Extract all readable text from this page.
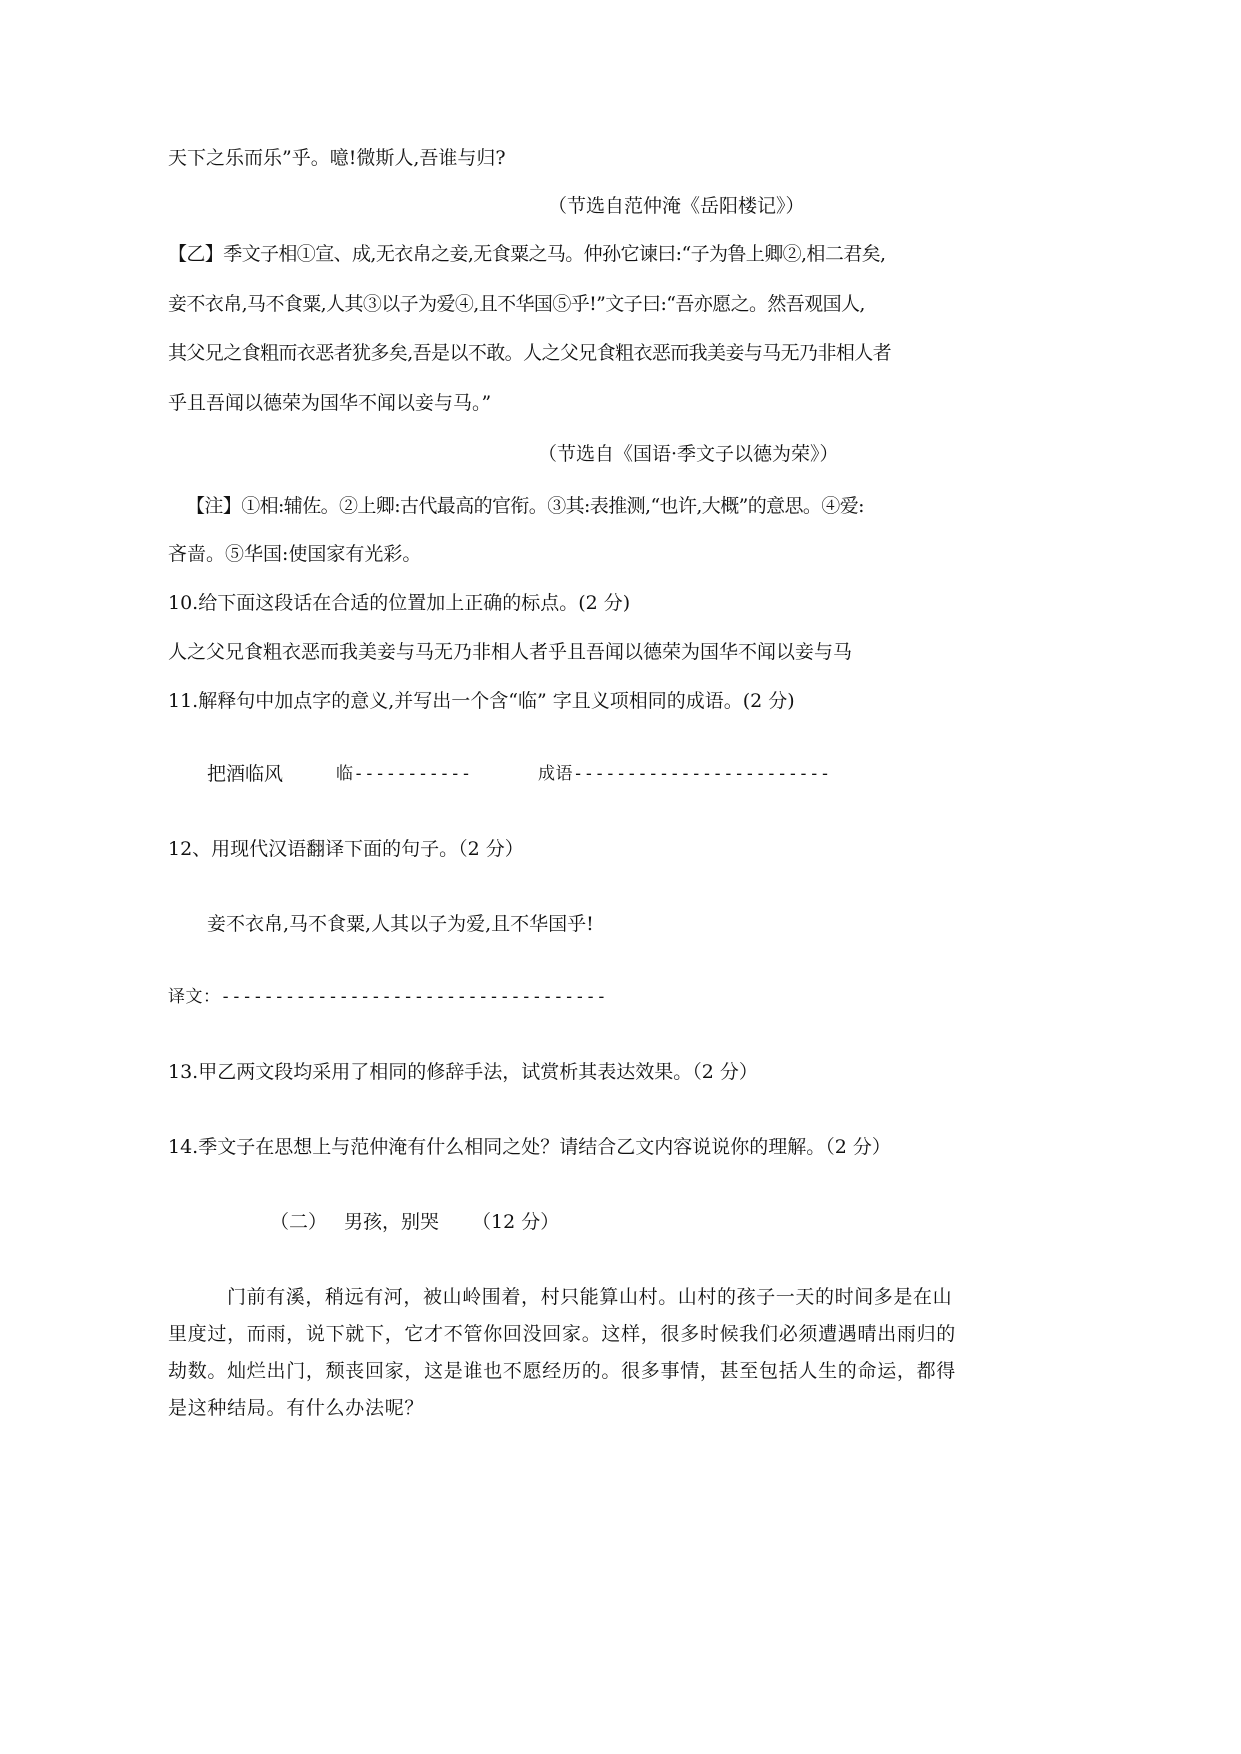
天下之乐而乐”乎。噫!微斯人,吾谁与归?
（节选自范仲淹《岳阳楼记》）
【乙】季文子相①宣、成,无衣帛之妾,无食粟之马。仲孙它谏曰:“子为鲁上卿②,相二君矣,
妾不衣帛,马不食粟,人其③以子为爱④,且不华国⑤乎!”文子曰:“吾亦愿之。然吾观国人,
其父兄之食粗而衣恶者犹多矣,吾是以不敢。人之父兄食粗衣恶而我美妾与马无乃非相人者
乎且吾闻以德荣为国华不闻以妾与马。”
（节选自《国语·季文子以德为荣》）
【注】①相:辅佐。②上卿:古代最高的官衔。③其:表推测,“也许,大概”的意思。④爱:
吝啬。⑤华国:使国家有光彩。
10.给下面这段话在合适的位置加上正确的标点。(2 分)
人之父兄食粗衣恶而我美妾与马无乃非相人者乎且吾闻以德荣为国华不闻以妾与马
11.解释句中加点字的意义,并写出一个含“临” 字且义项相同的成语。(2 分)
把酒临风	临-----------	成语------------------------
12、用现代汉语翻译下面的句子。（2 分）
妾不衣帛,马不食粟,人其以子为爱,且不华国乎!
译文：------------------------------------
13.甲乙两文段均采用了相同的修辞手法，试赏析其表达效果。（2 分）
14.季文子在思想上与范仲淹有什么相同之处？请结合乙文内容说说你的理解。（2 分）
（二） 男孩，别哭 （12 分）
门前有溪，稍远有河，被山岭围着，村只能算山村。山村的孩子一天的时间多是在山
里度过，而雨，说下就下，它才不管你回没回家。这样，很多时候我们必须遭遇晴出雨归的
劫数。灿烂出门，颓丧回家，这是谁也不愿经历的。很多事情，甚至包括人生的命运，都得
是这种结局。有什么办法呢？
